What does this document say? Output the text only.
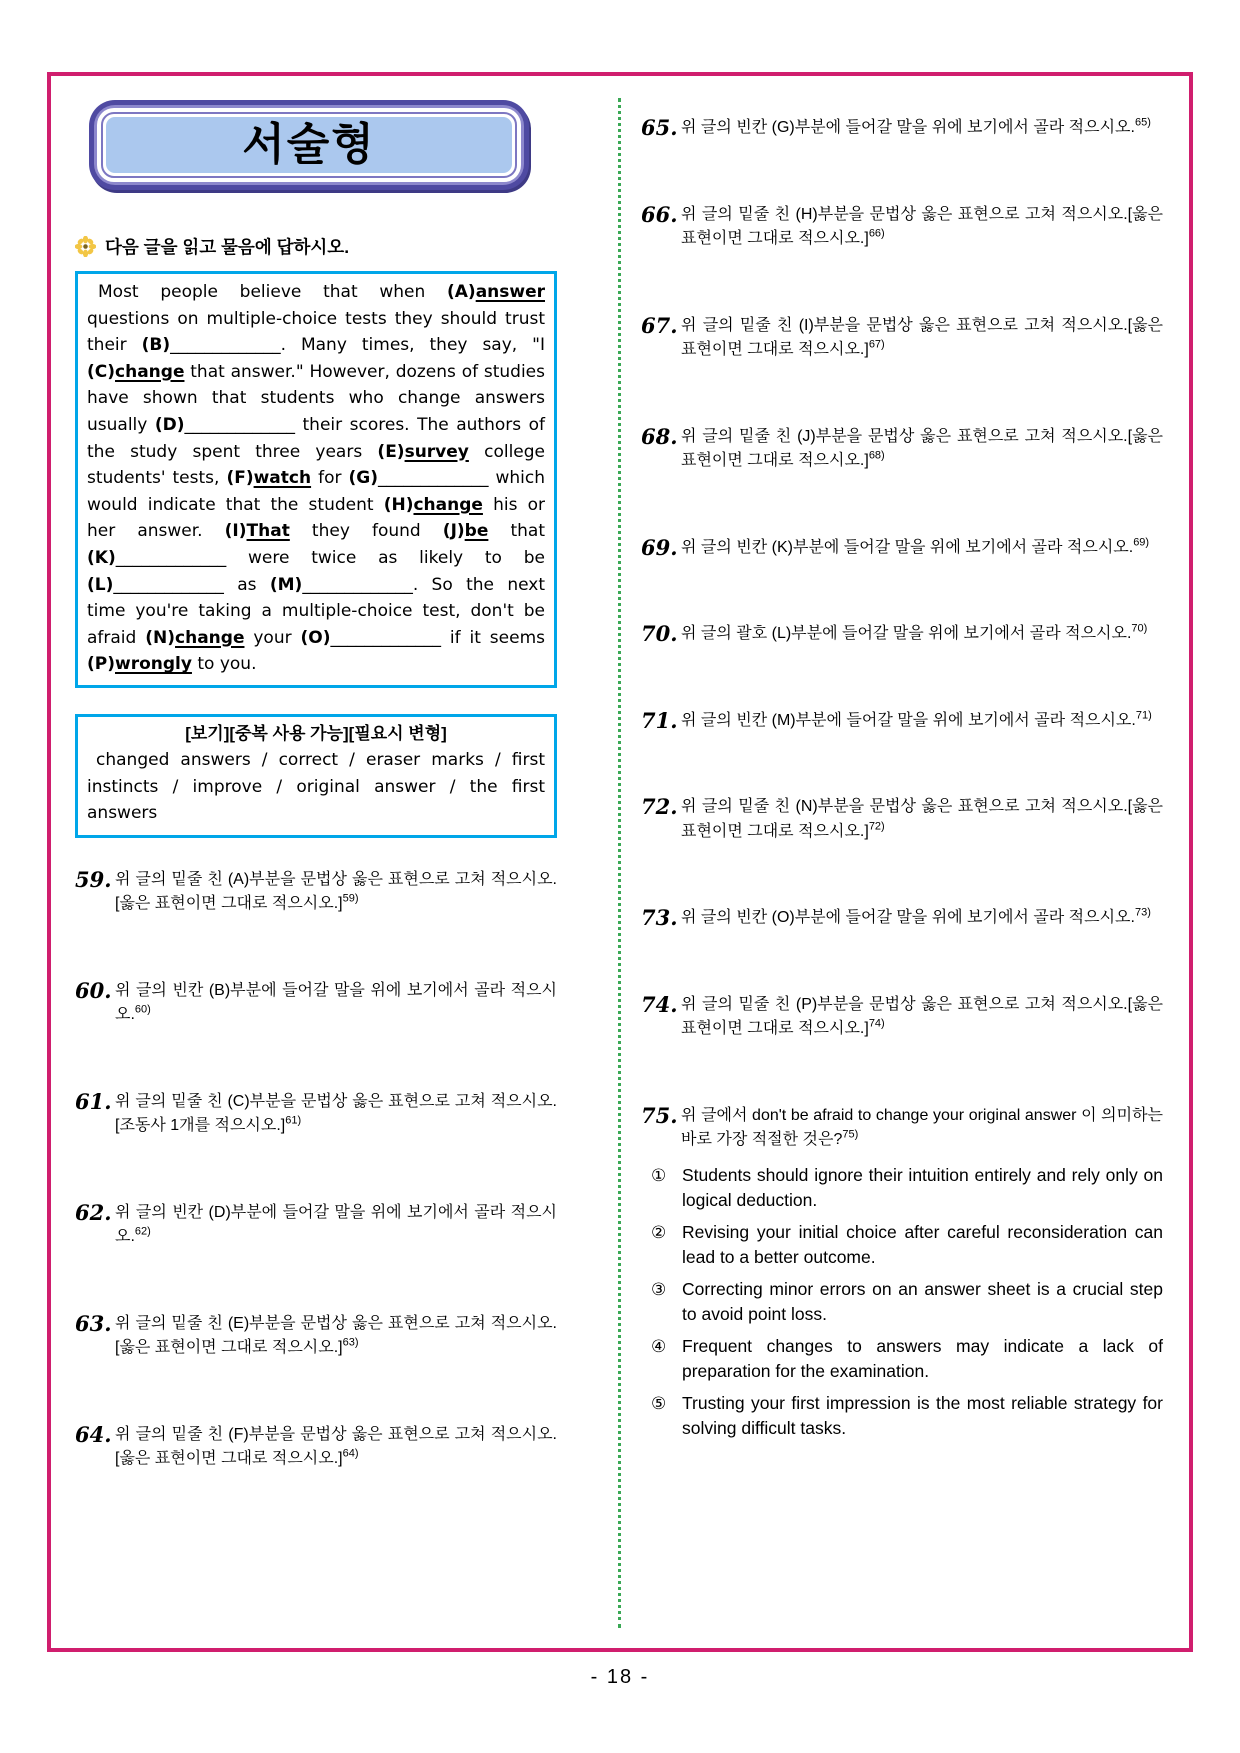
서술형
다음 글을 읽고 물음에 답하시오.

Most people believe that when (A)answer questions on multiple-choice tests they should trust their (B)_____________. Many times, they say, "I (C)change that answer." However, dozens of studies have shown that students who change answers usually (D)_____________ their scores. The authors of the study spent three years (E)survey college students' tests, (F)watch for (G)_____________ which would indicate that the student (H)change his or her answer. (I)That they found (J)be that (K)_____________ were twice as likely to be (L)_____________ as (M)_____________. So the next time you're taking a multiple-choice test, don't be afraid (N)change your (O)_____________ if it seems (P)wrongly to you.

[보기][중복 사용 가능][필요시 변형]
changed answers / correct / eraser marks / first instincts / improve / original answer / the first answers
59. 위 글의 밑줄 친 (A)부분을 문법상 옳은 표현으로 고쳐 적으시오.[옳은 표현이면 그대로 적으시오.]$^{59)}$
60. 위 글의 빈칸 (B)부분에 들어갈 말을 위에 보기에서 골라 적으시오.$^{60)}$
61. 위 글의 밑줄 친 (C)부분을 문법상 옳은 표현으로 고쳐 적으시오.[조동사 1개를 적으시오.]$^{61)}$
62. 위 글의 빈칸 (D)부분에 들어갈 말을 위에 보기에서 골라 적으시오.$^{62)}$
63. 위 글의 밑줄 친 (E)부분을 문법상 옳은 표현으로 고쳐 적으시오.[옳은 표현이면 그대로 적으시오.]$^{63)}$
64. 위 글의 밑줄 친 (F)부분을 문법상 옳은 표현으로 고쳐 적으시오.[옳은 표현이면 그대로 적으시오.]$^{64)}$
65. 위 글의 빈칸 (G)부분에 들어갈 말을 위에 보기에서 골라 적으시오.$^{65)}$
66. 위 글의 밑줄 친 (H)부분을 문법상 옳은 표현으로 고쳐 적으시오.[옳은 표현이면 그대로 적으시오.]$^{66)}$
67. 위 글의 밑줄 친 (I)부분을 문법상 옳은 표현으로 고쳐 적으시오.[옳은 표현이면 그대로 적으시오.]$^{67)}$
68. 위 글의 밑줄 친 (J)부분을 문법상 옳은 표현으로 고쳐 적으시오.[옳은 표현이면 그대로 적으시오.]$^{68)}$
69. 위 글의 빈칸 (K)부분에 들어갈 말을 위에 보기에서 골라 적으시오.$^{69)}$
70. 위 글의 괄호 (L)부분에 들어갈 말을 위에 보기에서 골라 적으시오.$^{70)}$
71. 위 글의 빈칸 (M)부분에 들어갈 말을 위에 보기에서 골라 적으시오.$^{71)}$
72. 위 글의 밑줄 친 (N)부분을 문법상 옳은 표현으로 고쳐 적으시오.[옳은 표현이면 그대로 적으시오.]$^{72)}$
73. 위 글의 빈칸 (O)부분에 들어갈 말을 위에 보기에서 골라 적으시오.$^{73)}$
74. 위 글의 밑줄 친 (P)부분을 문법상 옳은 표현으로 고쳐 적으시오.[옳은 표현이면 그대로 적으시오.]$^{74)}$
75. 위 글에서 don't be afraid to change your original answer 이 의미하는 바로 가장 적절한 것은?$^{75)}$
① Students should ignore their intuition entirely and rely only on logical deduction.
② Revising your initial choice after careful reconsideration can lead to a better outcome.
③ Correcting minor errors on an answer sheet is a crucial step to avoid point loss.
④ Frequent changes to answers may indicate a lack of preparation for the examination.
⑤ Trusting your first impression is the most reliable strategy for solving difficult tasks.
- 18 -
